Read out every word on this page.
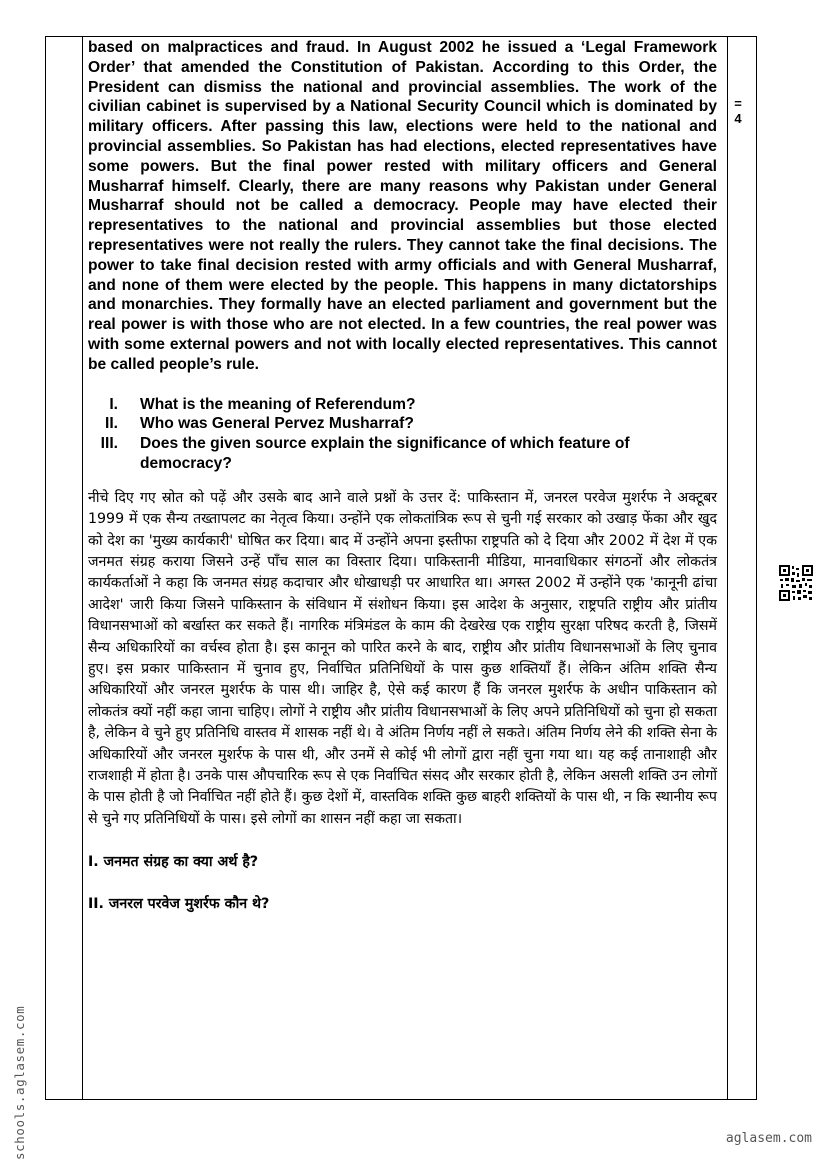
based on malpractices and fraud. In August 2002 he issued a ‘Legal Framework Order’ that amended the Constitution of Pakistan. According to this Order, the President can dismiss the national and provincial assemblies. The work of the civilian cabinet is supervised by a National Security Council which is dominated by military officers. After passing this law, elections were held to the national and provincial assemblies. So Pakistan has had elections, elected representatives have some powers. But the final power rested with military officers and General Musharraf himself. Clearly, there are many reasons why Pakistan under General Musharraf should not be called a democracy. People may have elected their representatives to the national and provincial assemblies but those elected representatives were not really the rulers. They cannot take the final decisions. The power to take final decision rested with army officials and with General Musharraf, and none of them were elected by the people. This happens in many dictatorships and monarchies. They formally have an elected parliament and government but the real power is with those who are not elected. In a few countries, the real power was with some external powers and not with locally elected representatives. This cannot be called people’s rule.

I. What is the meaning of Referendum?
II. Who was General Pervez Musharraf?
III. Does the given source explain the significance of which feature of democracy?

नीचे दिए गए स्रोत को पढ़ें और उसके बाद आने वाले प्रश्नों के उत्तर दें: पाकिस्तान में, जनरल परवेज मुशर्रफ ने अक्टूबर 1999 में एक सैन्य तख्तापलट का नेतृत्व किया। उन्होंने एक लोकतांत्रिक रूप से चुनी गई सरकार को उखाड़ फेंका और खुद को देश का 'मुख्य कार्यकारी' घोषित कर दिया। बाद में उन्होंने अपना इस्तीफा राष्ट्रपति को दे दिया और 2002 में देश में एक जनमत संग्रह कराया जिसने उन्हें पाँच साल का विस्तार दिया। पाकिस्तानी मीडिया, मानवाधिकार संगठनों और लोकतंत्र कार्यकर्ताओं ने कहा कि जनमत संग्रह कदाचार और धोखाधड़ी पर आधारित था। अगस्त 2002 में उन्होंने एक 'कानूनी ढांचा आदेश' जारी किया जिसने पाकिस्तान के संविधान में संशोधन किया। इस आदेश के अनुसार, राष्ट्रपति राष्ट्रीय और प्रांतीय विधानसभाओं को बर्खास्त कर सकते हैं। नागरिक मंत्रिमंडल के काम की देखरेख एक राष्ट्रीय सुरक्षा परिषद करती है, जिसमें सैन्य अधिकारियों का वर्चस्व होता है। इस कानून को पारित करने के बाद, राष्ट्रीय और प्रांतीय विधानसभाओं के लिए चुनाव हुए। इस प्रकार पाकिस्तान में चुनाव हुए, निर्वाचित प्रतिनिधियों के पास कुछ शक्तियाँ हैं। लेकिन अंतिम शक्ति सैन्य अधिकारियों और जनरल मुशर्रफ के पास थी। जाहिर है, ऐसे कई कारण हैं कि जनरल मुशर्रफ के अधीन पाकिस्तान को लोकतंत्र क्यों नहीं कहा जाना चाहिए। लोगों ने राष्ट्रीय और प्रांतीय विधानसभाओं के लिए अपने प्रतिनिधियों को चुना हो सकता है, लेकिन वे चुने हुए प्रतिनिधि वास्तव में शासक नहीं थे। वे अंतिम निर्णय नहीं ले सकते। अंतिम निर्णय लेने की शक्ति सेना के अधिकारियों और जनरल मुशर्रफ के पास थी, और उनमें से कोई भी लोगों द्वारा नहीं चुना गया था। यह कई तानाशाही और राजशाही में होता है। उनके पास औपचारिक रूप से एक निर्वाचित संसद और सरकार होती है, लेकिन असली शक्ति उन लोगों के पास होती है जो निर्वाचित नहीं होते हैं। कुछ देशों में, वास्तविक शक्ति कुछ बाहरी शक्तियों के पास थी, न कि स्थानीय रूप से चुने गए प्रतिनिधियों के पास। इसे लोगों का शासन नहीं कहा जा सकता।

I. जनमत संग्रह का क्या अर्थ है?

II. जनरल परवेज मुशर्रफ कौन थे?

=
4
schools.aglasem.com	aglasem.com
